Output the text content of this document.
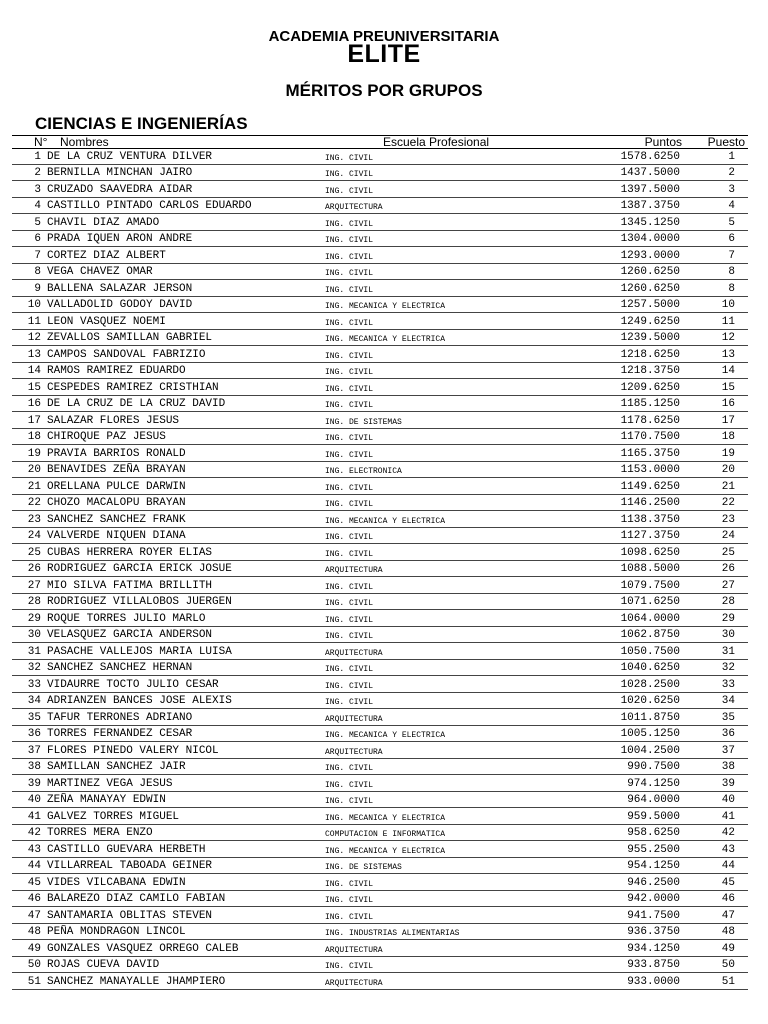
ACADEMIA PREUNIVERSITARIA
ELITE
MÉRITOS POR GRUPOS
CIENCIAS E INGENIERÍAS
N° Nombres	Escuela Profesional	Puntos Puesto
1 DE LA CRUZ VENTURA DILVER	ING. CIVIL	1578.6250	1
2 BERNILLA MINCHAN JAIRO	ING. CIVIL	1437.5000	2
3 CRUZADO SAAVEDRA AIDAR	ING. CIVIL	1397.5000	3
4 CASTILLO PINTADO CARLOS EDUARDO	ARQUITECTURA	1387.3750	4
5 CHAVIL DIAZ AMADO	ING. CIVIL	1345.1250	5
6 PRADA IQUEN ARON ANDRE	ING. CIVIL	1304.0000	6
7 CORTEZ DIAZ ALBERT	ING. CIVIL	1293.0000	7
8 VEGA CHAVEZ OMAR	ING. CIVIL	1260.6250	8
9 BALLENA SALAZAR JERSON	ING. CIVIL	1260.6250	8
10 VALLADOLID GODOY DAVID	ING. MECANICA Y ELECTRICA	1257.5000	10
11 LEON VASQUEZ NOEMI	ING. CIVIL	1249.6250	11
12 ZEVALLOS SAMILLAN GABRIEL	ING. MECANICA Y ELECTRICA	1239.5000	12
13 CAMPOS SANDOVAL FABRIZIO	ING. CIVIL	1218.6250	13
14 RAMOS RAMIREZ EDUARDO	ING. CIVIL	1218.3750	14
15 CESPEDES RAMIREZ CRISTHIAN	ING. CIVIL	1209.6250	15
16 DE LA CRUZ DE LA CRUZ DAVID	ING. CIVIL	1185.1250	16
17 SALAZAR FLORES JESUS	ING. DE SISTEMAS	1178.6250	17
18 CHIROQUE PAZ JESUS	ING. CIVIL	1170.7500	18
19 PRAVIA BARRIOS RONALD	ING. CIVIL	1165.3750	19
20 BENAVIDES ZEÑA BRAYAN	ING. ELECTRONICA	1153.0000	20
21 ORELLANA PULCE DARWIN	ING. CIVIL	1149.6250	21
22 CHOZO MACALOPU BRAYAN	ING. CIVIL	1146.2500	22
23 SANCHEZ SANCHEZ FRANK	ING. MECANICA Y ELECTRICA	1138.3750	23
24 VALVERDE NIQUEN DIANA	ING. CIVIL	1127.3750	24
25 CUBAS HERRERA ROYER ELIAS	ING. CIVIL	1098.6250	25
26 RODRIGUEZ GARCIA ERICK JOSUE	ARQUITECTURA	1088.5000	26
27 MIO SILVA FATIMA BRILLITH	ING. CIVIL	1079.7500	27
28 RODRIGUEZ VILLALOBOS JUERGEN	ING. CIVIL	1071.6250	28
29 ROQUE TORRES JULIO MARLO	ING. CIVIL	1064.0000	29
30 VELASQUEZ GARCIA ANDERSON	ING. CIVIL	1062.8750	30
31 PASACHE VALLEJOS MARIA LUISA	ARQUITECTURA	1050.7500	31
32 SANCHEZ SANCHEZ HERNAN	ING. CIVIL	1040.6250	32
33 VIDAURRE TOCTO JULIO CESAR	ING. CIVIL	1028.2500	33
34 ADRIANZEN BANCES JOSE ALEXIS	ING. CIVIL	1020.6250	34
35 TAFUR TERRONES ADRIANO	ARQUITECTURA	1011.8750	35
36 TORRES FERNANDEZ CESAR	ING. MECANICA Y ELECTRICA	1005.1250	36
37 FLORES PINEDO VALERY NICOL	ARQUITECTURA	1004.2500	37
38 SAMILLAN SANCHEZ JAIR	ING. CIVIL	990.7500	38
39 MARTINEZ VEGA JESUS	ING. CIVIL	974.1250	39
40 ZEÑA MANAYAY EDWIN	ING. CIVIL	964.0000	40
41 GALVEZ TORRES MIGUEL	ING. MECANICA Y ELECTRICA	959.5000	41
42 TORRES MERA ENZO	COMPUTACION E INFORMATICA	958.6250	42
43 CASTILLO GUEVARA HERBETH	ING. MECANICA Y ELECTRICA	955.2500	43
44 VILLARREAL TABOADA GEINER	ING. DE SISTEMAS	954.1250	44
45 VIDES VILCABANA EDWIN	ING. CIVIL	946.2500	45
46 BALAREZO DIAZ CAMILO FABIAN	ING. CIVIL	942.0000	46
47 SANTAMARIA OBLITAS STEVEN	ING. CIVIL	941.7500	47
48 PEÑA MONDRAGON LINCOL	ING. INDUSTRIAS ALIMENTARIAS	936.3750	48
49 GONZALES VASQUEZ ORREGO CALEB	ARQUITECTURA	934.1250	49
50 ROJAS CUEVA DAVID	ING. CIVIL	933.8750	50
51 SANCHEZ MANAYALLE JHAMPIERO	ARQUITECTURA	933.0000	51
